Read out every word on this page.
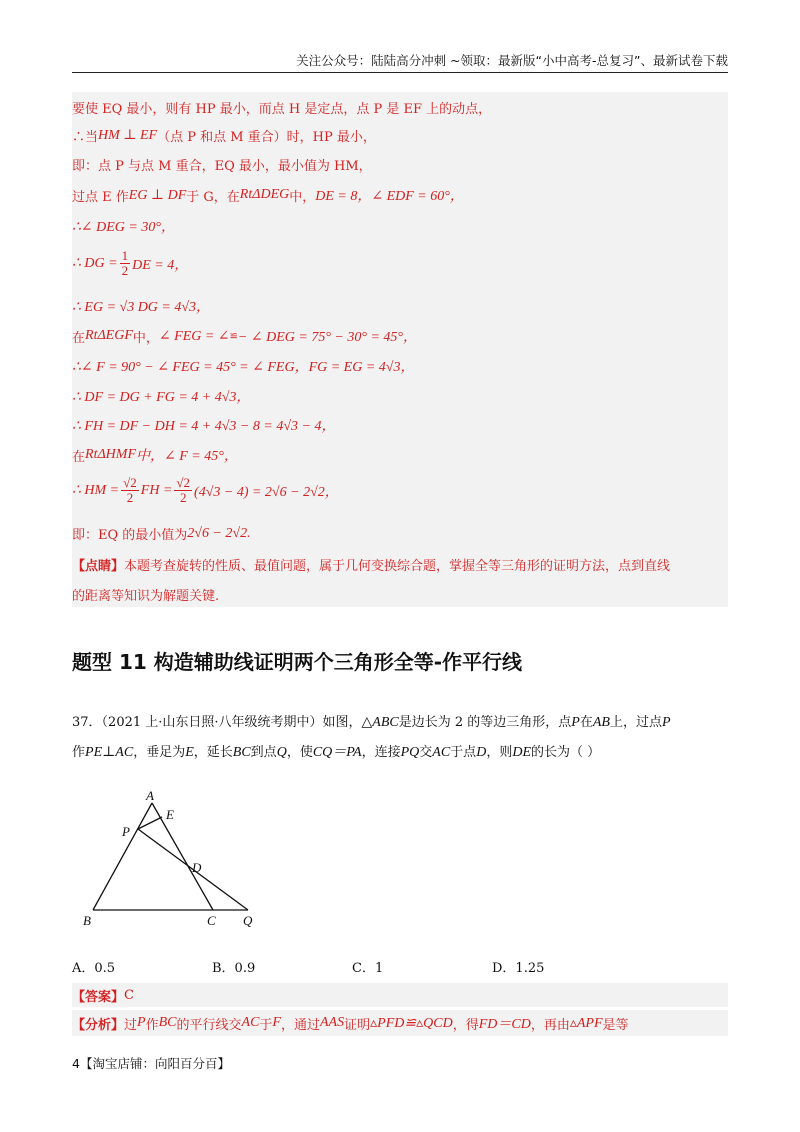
关注公众号：陆陆高分冲刺 ~领取：最新版“小中高考-总复习”、最新试卷下载
要使 EQ 最小，则有 HP 最小，而点 H 是定点，点 P 是 EF 上的动点，
∴当 HM ⊥ EF （点 P 和点 M 重合）时，HP 最小，
即：点 P 与点 M 重合，EQ 最小，最小值为 HM，
过点 E 作 EG ⊥ DF 于 G，在 RtΔDEG 中， DE = 8，∠ EDF = 60°，
∴∠ DEG = 30°，
∴ DG = $\frac{1}{2}$ DE = 4，
∴ EG = √3 DG = 4√3，
在 RtΔEGF 中， ∠ FEG = ∠ ≌ − ∠ DEG = 75° − 30° = 45°，
∴∠ F = 90° − ∠ FEG = 45° = ∠ FEG，FG = EG = 4√3，
∴ DF = DG + FG = 4 + 4√3，
∴ FH = DF − DH = 4 + 4√3 − 8 = 4√3 − 4，
在 RtΔHMF 中，∠ F = 45°，
∴ HM = $\frac{√2}{2}$ FH = $\frac{√2}{2} (4√3 - 4) = 2√6 - 2√2$，
即：EQ 的最小值为 2√6 − 2√2.
【点睛】 本题考查旋转的性质、最值问题，属于几何变换综合题，掌握全等三角形的证明方法，点到直线
的距离等知识为解题关键.
题型 11 构造辅助线证明两个三角形全等-作平行线
37．（2021 上·山东日照·八年级统考期中）如图，△ABC是边长为 2 的等边三角形，点P在AB上，过点P
作PE⊥AC，垂足为E，延长BC到点Q，使CQ＝PA，连接PQ交AC于点D，则DE的长为（ ）
A
E
P
D
B	C Q
A．0.5	B．0.9	C．1	D．1.25
【答案】 C
【分析】 过 P 作 BC 的平行线交 AC 于 F ，通过 AAS 证明 ▵PFD≌▵QCD ，得 FD＝CD ，再由 ▵APF 是等
4【淘宝店铺：向阳百分百】
